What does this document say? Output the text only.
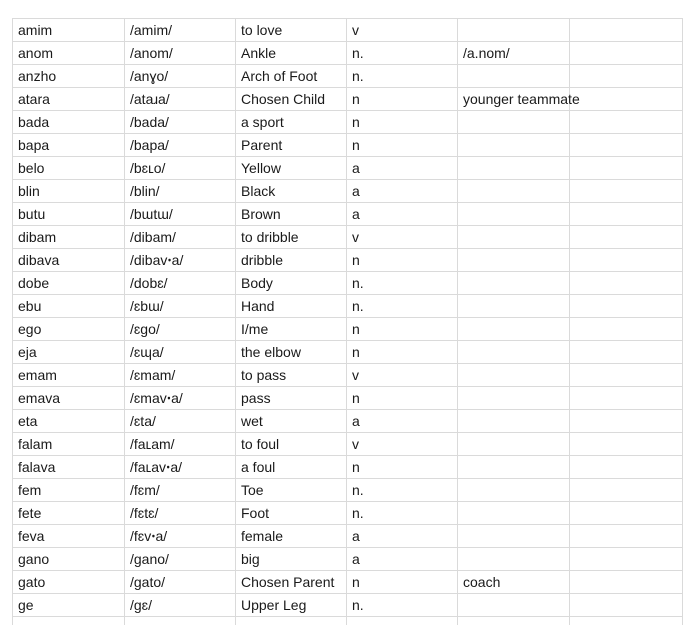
amim	/amim/	to love	v		
anom	/anom/	Ankle	n.	/a.nom/	
anzho	/anɣo/	Arch of Foot	n.		
atara	/ataɹa/	Chosen Child	n	younger teammate	
bada	/bada/	a sport	n		
bapa	/bapa/	Parent	n		
belo	/bɛʟo/	Yellow	a		
blin	/blin/	Black	a		
butu	/bɯtɯ/	Brown	a		
dibam	/dibam/	to dribble	v		
dibava	/dibavꞏa/	dribble	n		
dobe	/dobɛ/	Body	n.		
ebu	/ɛbɯ/	Hand	n.		
ego	/ɛgo/	I/me	n		
eja	/ɛɰa/	the elbow	n		
emam	/ɛmam/	to pass	v		
emava	/ɛmavꞏa/	pass	n		
eta	/ɛta/	wet	a		
falam	/faʟam/	to foul	v		
falava	/faʟavꞏa/	a foul	n		
fem	/fɛm/	Toe	n.		
fete	/fɛtɛ/	Foot	n.		
feva	/fɛvꞏa/	female	a		
gano	/gano/	big	a		
gato	/gato/	Chosen Parent	n	coach	
ge	/gɛ/	Upper Leg	n.		
